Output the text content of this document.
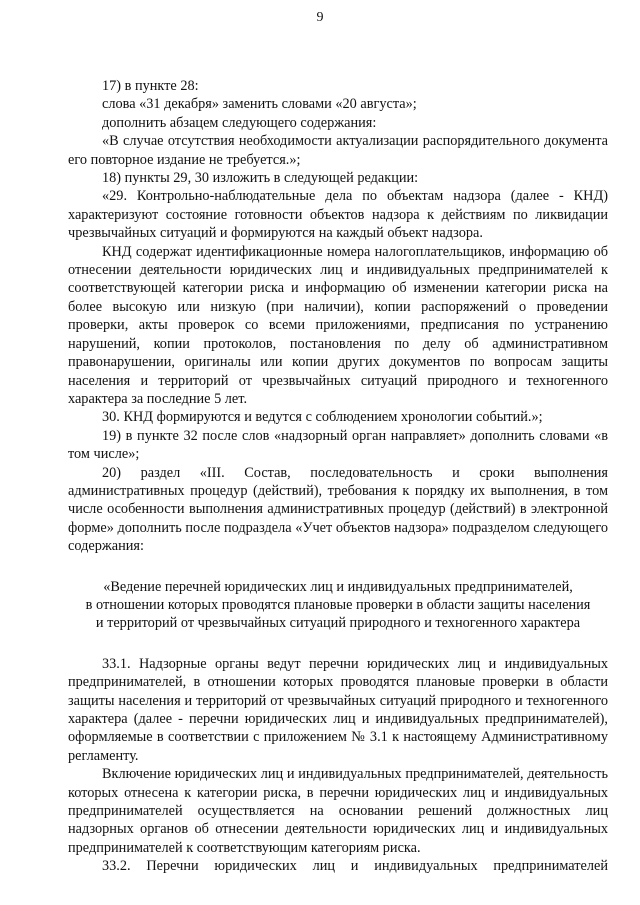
9

17) в пункте 28:

слова «31 декабря» заменить словами «20 августа»;

дополнить абзацем следующего содержания:

«В случае отсутствия необходимости актуализации распорядительного документа его повторное издание не требуется.»;

18) пункты 29, 30 изложить в следующей редакции:

«29. Контрольно-наблюдательные дела по объектам надзора (далее - КНД) характеризуют состояние готовности объектов надзора к действиям по ликвидации чрезвычайных ситуаций и формируются на каждый объект надзора.

КНД содержат идентификационные номера налогоплательщиков, информацию об отнесении деятельности юридических лиц и индивидуальных предпринимателей к соответствующей категории риска и информацию об изменении категории риска на более высокую или низкую (при наличии), копии распоряжений о проведении проверки, акты проверок со всеми приложениями, предписания по устранению нарушений, копии протоколов, постановления по делу об административном правонарушении, оригиналы или копии других документов по вопросам защиты населения и территорий от чрезвычайных ситуаций природного и техногенного характера за последние 5 лет.

30. КНД формируются и ведутся с соблюдением хронологии событий.»;

19) в пункте 32 после слов «надзорный орган направляет» дополнить словами «в том числе»;

20) раздел «III. Состав, последовательность и сроки выполнения административных процедур (действий), требования к порядку их выполнения, в том числе особенности выполнения административных процедур (действий) в электронной форме» дополнить после подраздела «Учет объектов надзора» подразделом следующего содержания:

«Ведение перечней юридических лиц и индивидуальных предпринимателей,
в отношении которых проводятся плановые проверки в области защиты населения
и территорий от чрезвычайных ситуаций природного и техногенного характера

33.1. Надзорные органы ведут перечни юридических лиц и индивидуальных предпринимателей, в отношении которых проводятся плановые проверки в области защиты населения и территорий от чрезвычайных ситуаций природного и техногенного характера (далее - перечни юридических лиц и индивидуальных предпринимателей), оформляемые в соответствии с приложением № 3.1 к настоящему Административному регламенту.

Включение юридических лиц и индивидуальных предпринимателей, деятельность которых отнесена к категории риска, в перечни юридических лиц и индивидуальных предпринимателей осуществляется на основании решений должностных лиц надзорных органов об отнесении деятельности юридических лиц и индивидуальных предпринимателей к соответствующим категориям риска.

33.2. Перечни юридических лиц и индивидуальных предпринимателей
